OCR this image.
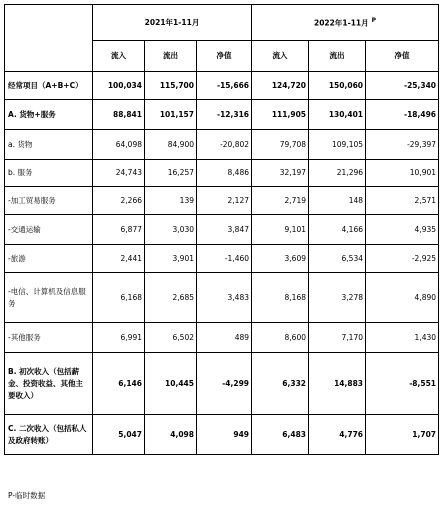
	2021年1-11月			2022年1-11月 $^P$
	流入	流出	净值	流入	流出	净值
经常项目（A+B+C）	100,034	115,700	-15,666	124,720	150,060	-25,340
A. 货物+服务	88,841	101,157	-12,316	111,905	130,401	-18,496
a. 货物	64,098	84,900	-20,802	79,708	109,105	-29,397
b. 服务	24,743	16,257	8,486	32,197	21,296	10,901
-加工贸易服务	2,266	139	2,127	2,719	148	2,571
-交通运输	6,877	3,030	3,847	9,101	4,166	4,935
-旅游	2,441	3,901	-1,460	3,609	6,534	-2,925
-电信、计算机及信息服务	6,168	2,685	3,483	8,168	3,278	4,890
-其他服务	6,991	6,502	489	8,600	7,170	1,430
B. 初次收入（包括薪金、投资收益、其他主要收入）	6,146	10,445	-4,299	6,332	14,883	-8,551
C. 二次收入（包括私人及政府转账）	5,047	4,098	949	6,483	4,776	1,707
P-临时数据
